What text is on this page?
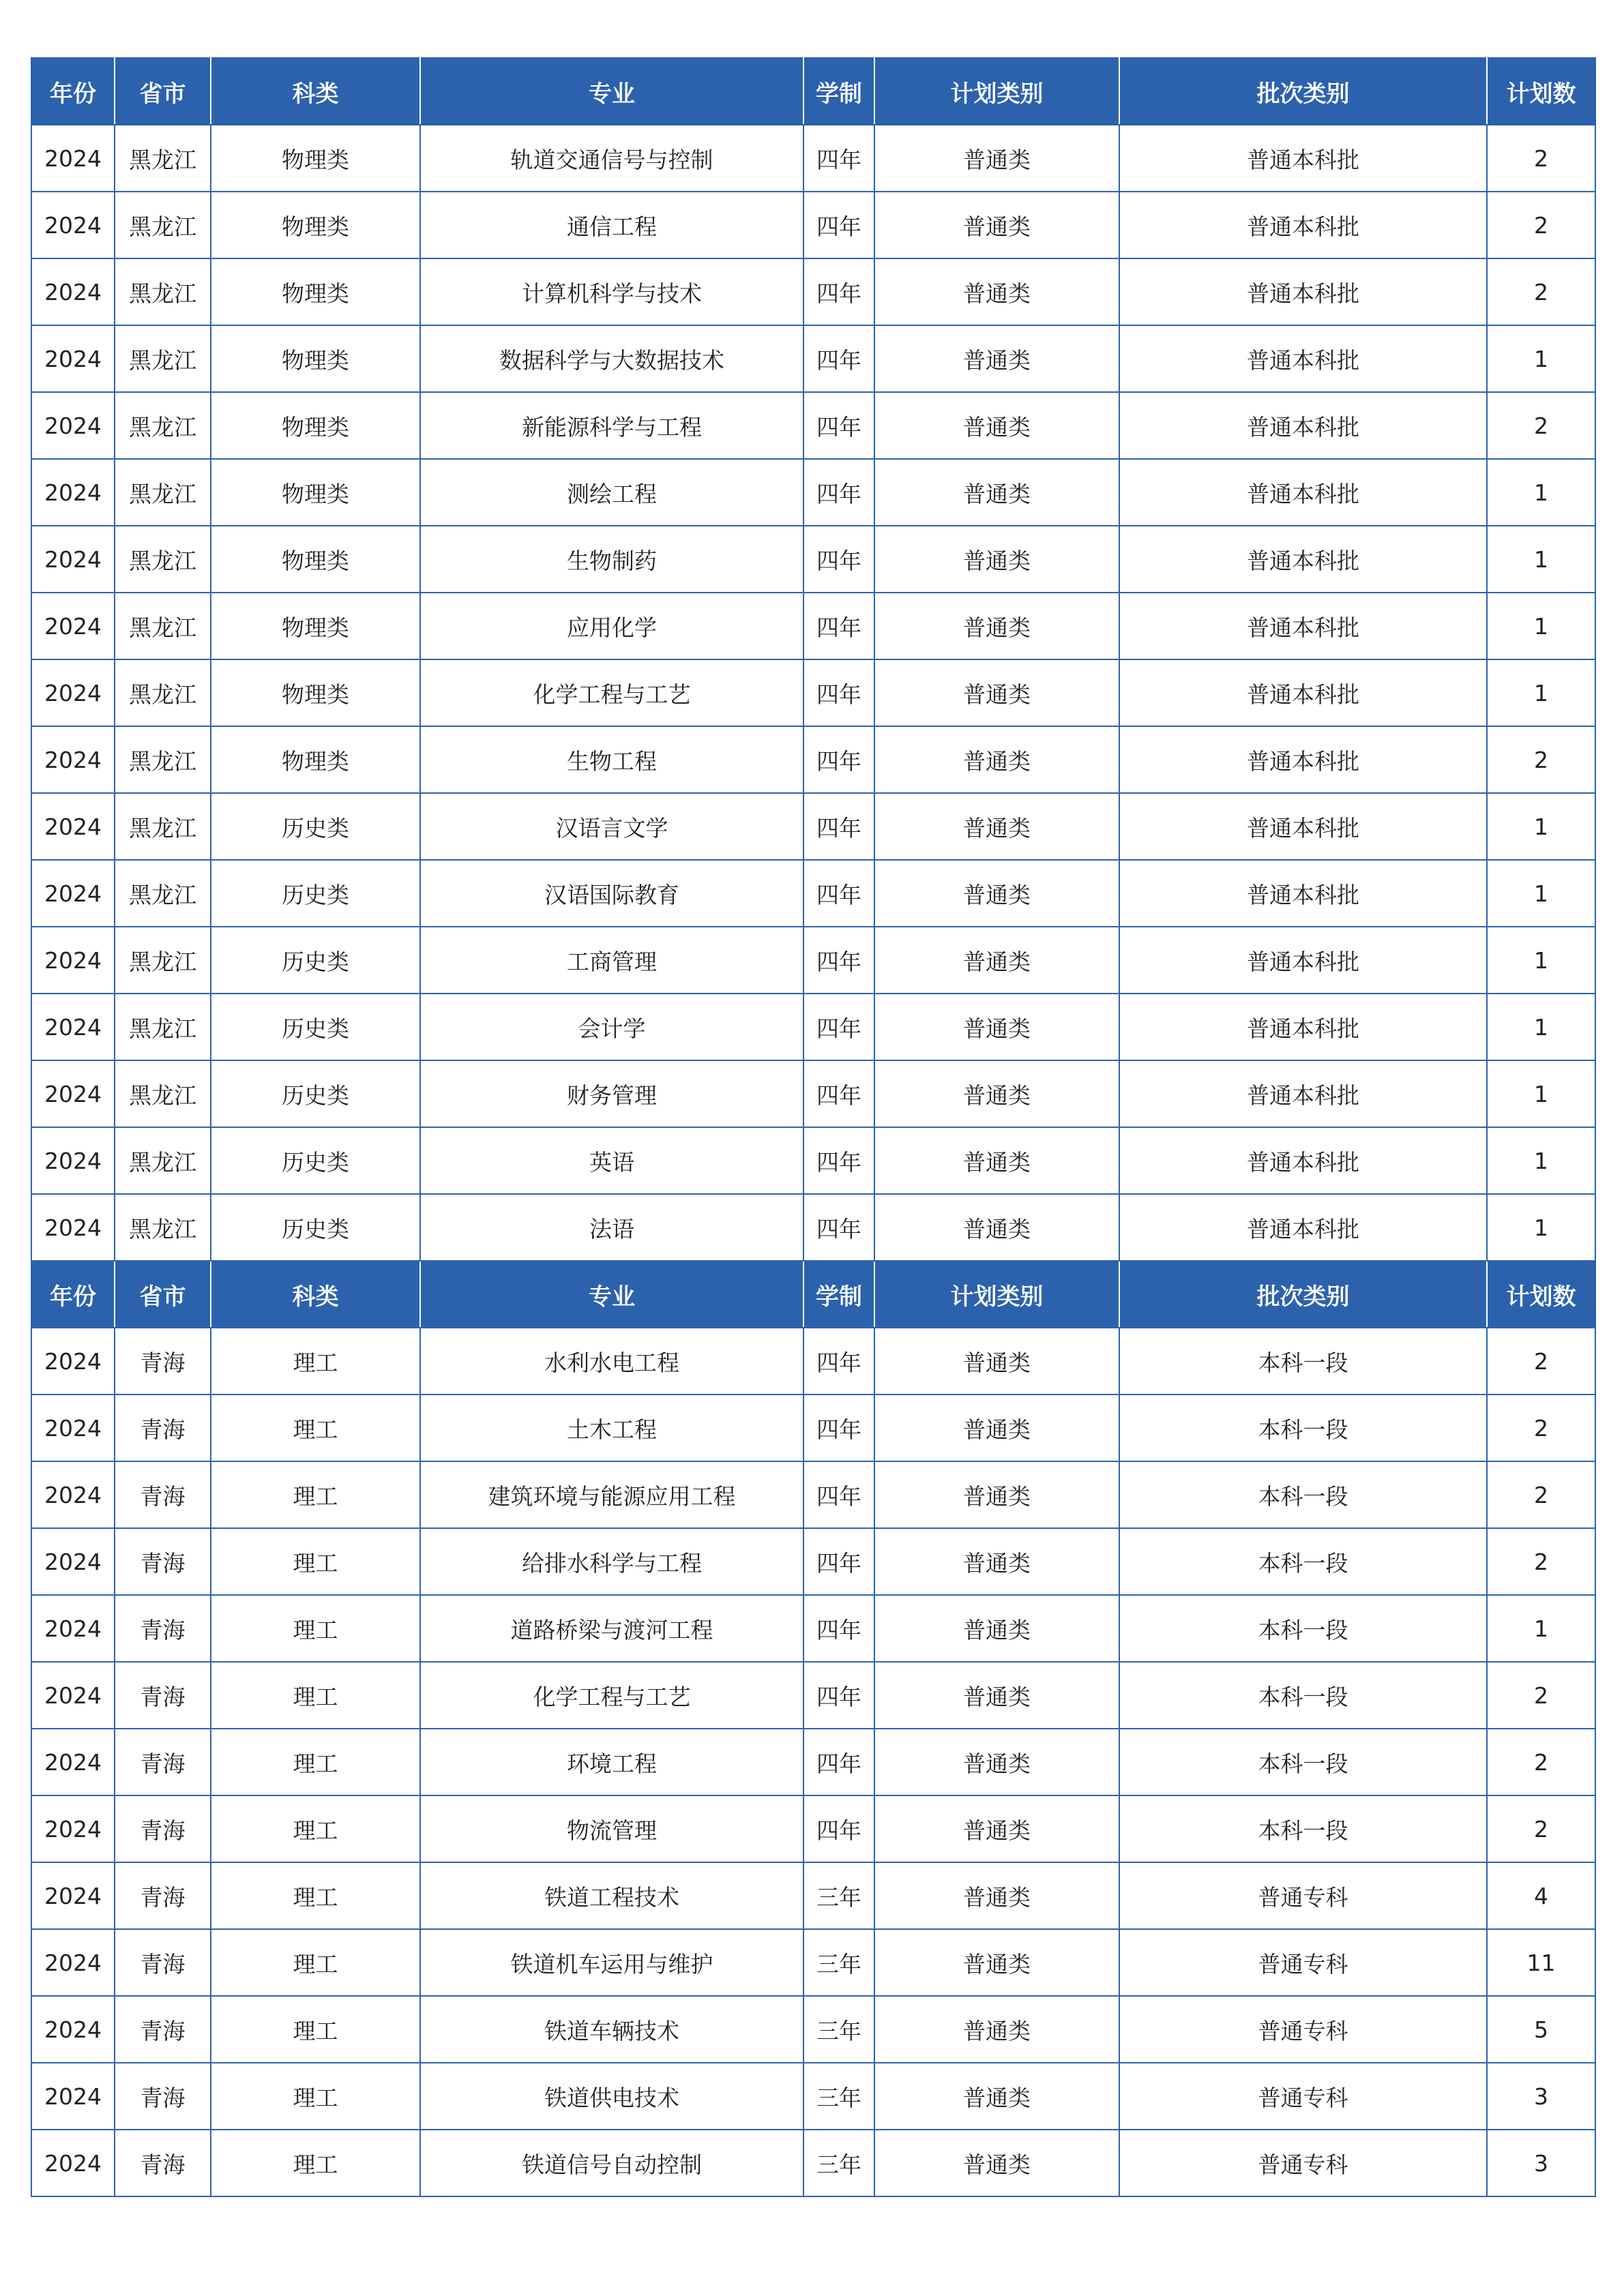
年份	省市	科类	专业	学制	计划类别	批次类别	计划数
2024	黑龙江	物理类	轨道交通信号与控制	四年	普通类	普通本科批	2
2024	黑龙江	物理类	通信工程	四年	普通类	普通本科批	2
2024	黑龙江	物理类	计算机科学与技术	四年	普通类	普通本科批	2
2024	黑龙江	物理类	数据科学与大数据技术	四年	普通类	普通本科批	1
2024	黑龙江	物理类	新能源科学与工程	四年	普通类	普通本科批	2
2024	黑龙江	物理类	测绘工程	四年	普通类	普通本科批	1
2024	黑龙江	物理类	生物制药	四年	普通类	普通本科批	1
2024	黑龙江	物理类	应用化学	四年	普通类	普通本科批	1
2024	黑龙江	物理类	化学工程与工艺	四年	普通类	普通本科批	1
2024	黑龙江	物理类	生物工程	四年	普通类	普通本科批	2
2024	黑龙江	历史类	汉语言文学	四年	普通类	普通本科批	1
2024	黑龙江	历史类	汉语国际教育	四年	普通类	普通本科批	1
2024	黑龙江	历史类	工商管理	四年	普通类	普通本科批	1
2024	黑龙江	历史类	会计学	四年	普通类	普通本科批	1
2024	黑龙江	历史类	财务管理	四年	普通类	普通本科批	1
2024	黑龙江	历史类	英语	四年	普通类	普通本科批	1
2024	黑龙江	历史类	法语	四年	普通类	普通本科批	1
年份	省市	科类	专业	学制	计划类别	批次类别	计划数
2024	青海	理工	水利水电工程	四年	普通类	本科一段	2
2024	青海	理工	土木工程	四年	普通类	本科一段	2
2024	青海	理工	建筑环境与能源应用工程	四年	普通类	本科一段	2
2024	青海	理工	给排水科学与工程	四年	普通类	本科一段	2
2024	青海	理工	道路桥梁与渡河工程	四年	普通类	本科一段	1
2024	青海	理工	化学工程与工艺	四年	普通类	本科一段	2
2024	青海	理工	环境工程	四年	普通类	本科一段	2
2024	青海	理工	物流管理	四年	普通类	本科一段	2
2024	青海	理工	铁道工程技术	三年	普通类	普通专科	4
2024	青海	理工	铁道机车运用与维护	三年	普通类	普通专科	11
2024	青海	理工	铁道车辆技术	三年	普通类	普通专科	5
2024	青海	理工	铁道供电技术	三年	普通类	普通专科	3
2024	青海	理工	铁道信号自动控制	三年	普通类	普通专科	3
